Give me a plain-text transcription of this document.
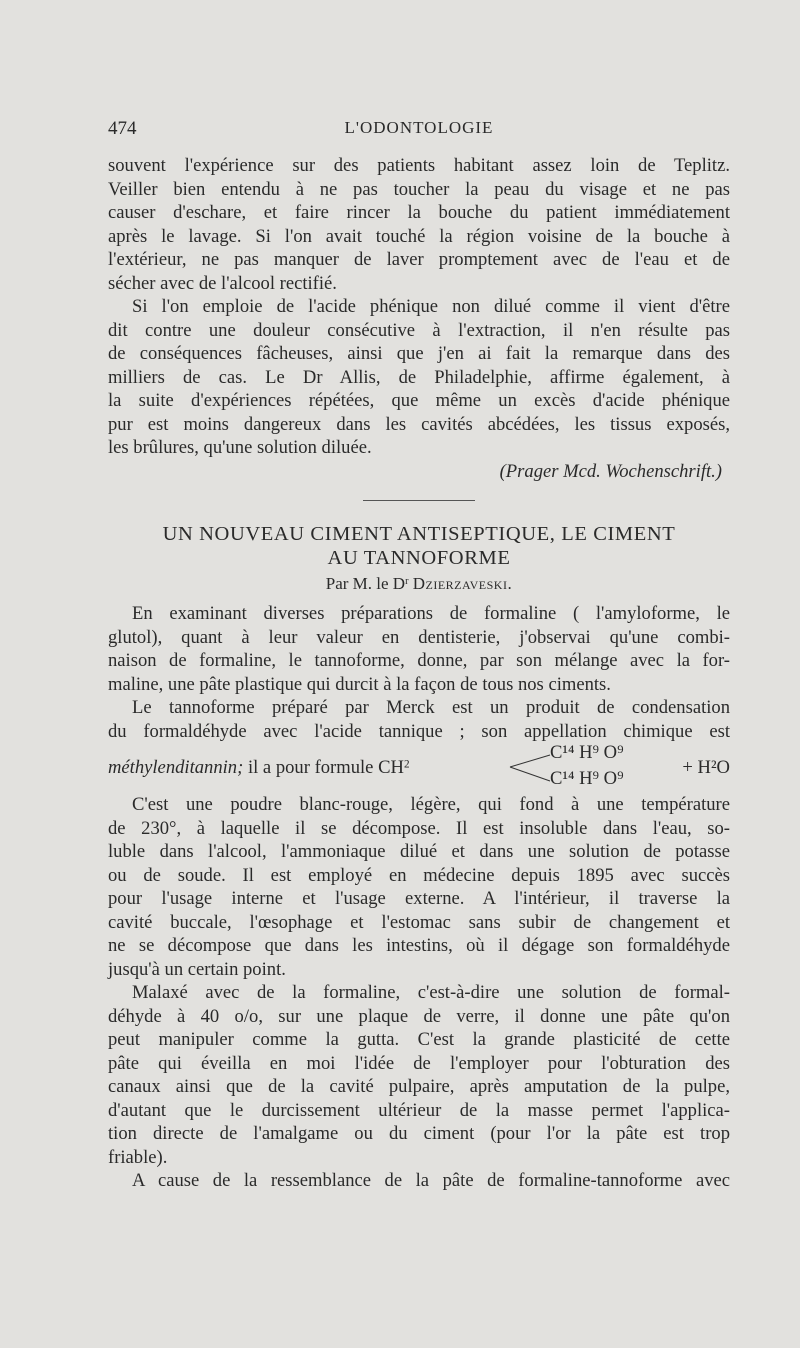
474	L'ODONTOLOGIE
souvent l'expérience sur des patients habitant assez loin de Teplitz.
Veiller bien entendu à ne pas toucher la peau du visage et ne pas
causer d'eschare, et faire rincer la bouche du patient immédiatement
après le lavage. Si l'on avait touché la région voisine de la bouche à
l'extérieur, ne pas manquer de laver promptement avec de l'eau et de
sécher avec de l'alcool rectifié.
Si l'on emploie de l'acide phénique non dilué comme il vient d'être
dit contre une douleur consécutive à l'extraction, il n'en résulte pas
de conséquences fâcheuses, ainsi que j'en ai fait la remarque dans des
milliers de cas. Le Dr Allis, de Philadelphie, affirme également, à
la suite d'expériences répétées, que même un excès d'acide phénique
pur est moins dangereux dans les cavités abcédées, les tissus exposés,
les brûlures, qu'une solution diluée.
(Prager Mcd. Wochenschrift.)
UN NOUVEAU CIMENT ANTISEPTIQUE, LE CIMENT
AU TANNOFORME
Par M. le $D^r$ Dzierzaveski.
En examinant diverses préparations de formaline ( l'amyloforme, le
glutol), quant à leur valeur en dentisterie, j'observai qu'une combi-
naison de formaline, le tannoforme, donne, par son mélange avec la for-
maline, une pâte plastique qui durcit à la façon de tous nos ciments.
Le tannoforme préparé par Merck est un produit de condensation
du formaldéhyde avec l'acide tannique ; son appellation chimique est
méthylenditannin; il a pour formule $CH^2$
C¹⁴ H⁹ O⁹
C¹⁴ H⁹ O⁹
+ H²O
C'est une poudre blanc-rouge, légère, qui fond à une température
de 230°, à laquelle il se décompose. Il est insoluble dans l'eau, so-
luble dans l'alcool, l'ammoniaque dilué et dans une solution de potasse
ou de soude. Il est employé en médecine depuis 1895 avec succès
pour l'usage interne et l'usage externe. A l'intérieur, il traverse la
cavité buccale, l'œsophage et l'estomac sans subir de changement et
ne se décompose que dans les intestins, où il dégage son formaldéhyde
jusqu'à un certain point.
Malaxé avec de la formaline, c'est-à-dire une solution de formal-
déhyde à 40 o/o, sur une plaque de verre, il donne une pâte qu'on
peut manipuler comme la gutta. C'est la grande plasticité de cette
pâte qui éveilla en moi l'idée de l'employer pour l'obturation des
canaux ainsi que de la cavité pulpaire, après amputation de la pulpe,
d'autant que le durcissement ultérieur de la masse permet l'applica-
tion directe de l'amalgame ou du ciment (pour l'or la pâte est trop
friable).
A cause de la ressemblance de la pâte de formaline-tannoforme avec
